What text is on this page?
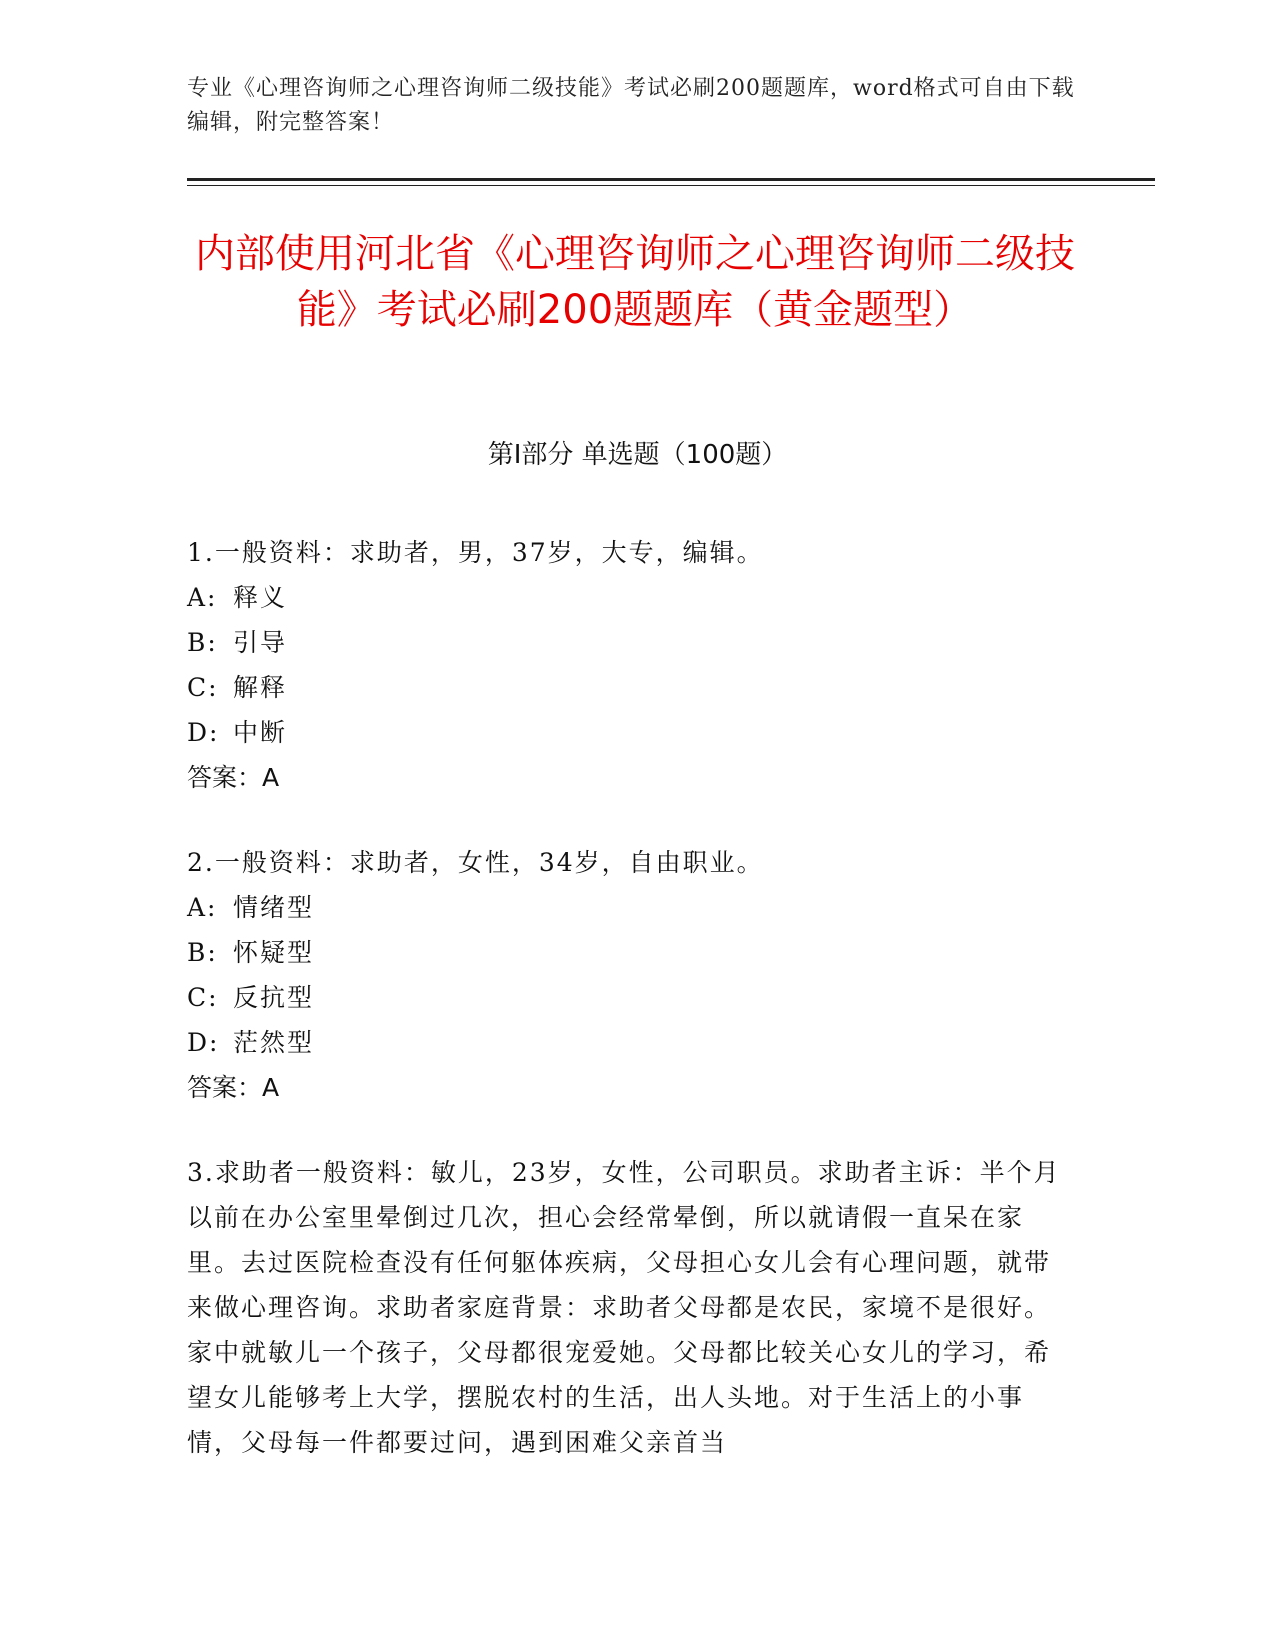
专业《心理咨询师之心理咨询师二级技能》考试必刷200题题库，word格式可自由下载编辑，附完整答案！
内部使用河北省《心理咨询师之心理咨询师二级技能》考试必刷200题题库（黄金题型）
第Ⅰ部分 单选题（100题）
1.一般资料：求助者，男，37岁，大专，编辑。
A: 释义
B: 引导
C: 解释
D: 中断
答案：A
2.一般资料：求助者，女性，34岁，自由职业。
A: 情绪型
B: 怀疑型
C: 反抗型
D: 茫然型
答案：A
3.求助者一般资料：敏儿，23岁，女性，公司职员。求助者主诉：半个月以前在办公室里晕倒过几次，担心会经常晕倒，所以就请假一直呆在家里。去过医院检查没有任何躯体疾病，父母担心女儿会有心理问题，就带来做心理咨询。求助者家庭背景：求助者父母都是农民，家境不是很好。家中就敏儿一个孩子，父母都很宠爱她。父母都比较关心女儿的学习，希望女儿能够考上大学，摆脱农村的生活，出人头地。对于生活上的小事情，父母每一件都要过问，遇到困难父亲首当
